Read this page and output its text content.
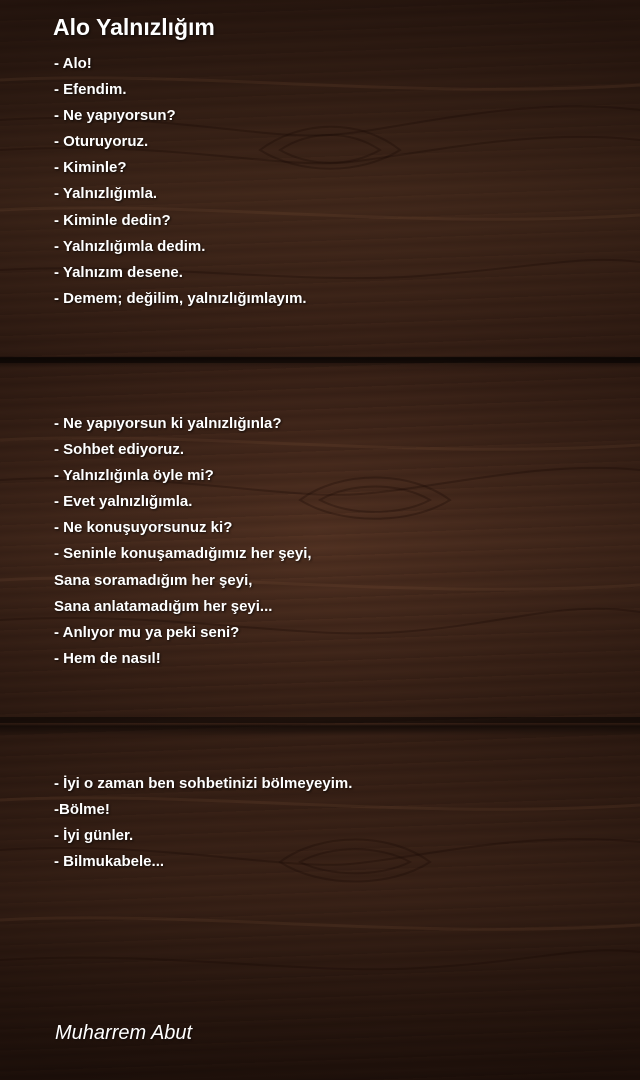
Alo Yalnızlığım
- Alo!
- Efendim.
- Ne yapıyorsun?
- Oturuyoruz.
- Kiminle?
- Yalnızlığımla.
- Kiminle dedin?
- Yalnızlığımla dedim.
- Yalnızım desene.
- Demem; değilim, yalnızlığımlayım.
- Ne yapıyorsun ki yalnızlığınla?
- Sohbet ediyoruz.
- Yalnızlığınla öyle mi?
- Evet yalnızlığımla.
- Ne konuşuyorsunuz ki?
- Seninle konuşamadığımız her şeyi,
Sana soramadığım her şeyi,
Sana anlatamadığım her şeyi...
- Anlıyor mu ya peki seni?
- Hem de nasıl!
- İyi o zaman ben sohbetinizi bölmeyeyim.
-Bölme!
- İyi günler.
- Bilmukabele...
Muharrem Abut
